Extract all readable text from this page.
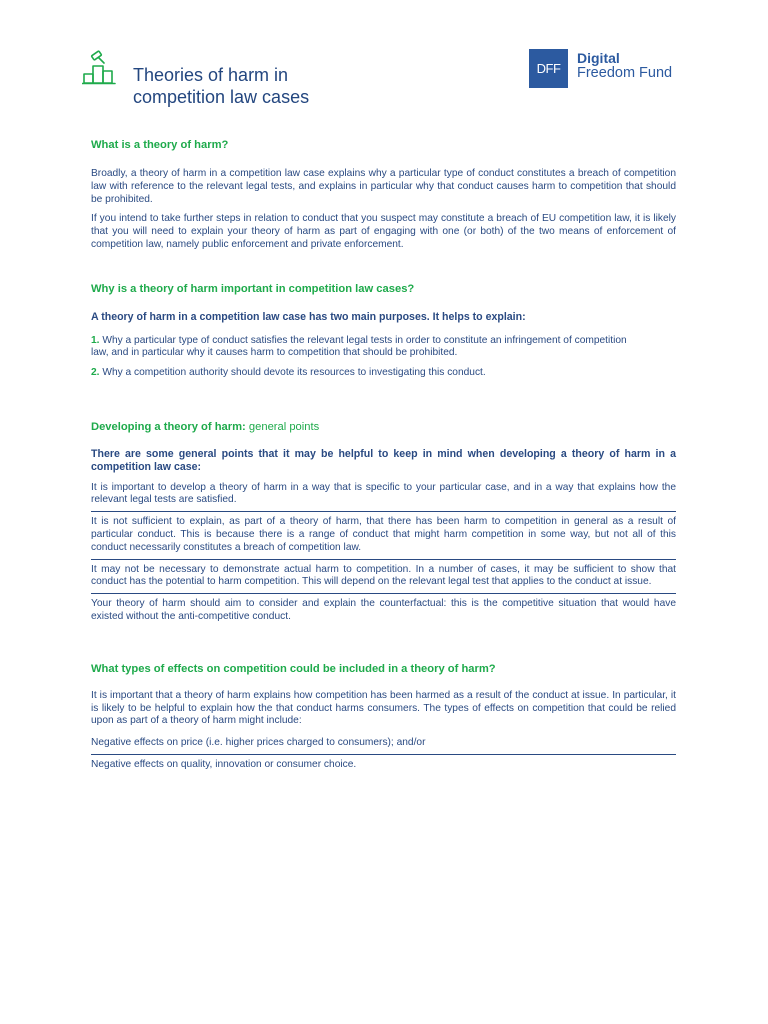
Theories of harm in
competition law cases
DFF
Digital
Freedom Fund
What is a theory of harm?

Broadly, a theory of harm in a competition law case explains why a particular type of conduct constitutes a breach of competition law with reference to the relevant legal tests, and explains in particular why that conduct causes harm to competition that should be prohibited.

If you intend to take further steps in relation to conduct that you suspect may constitute a breach of EU competition law, it is likely that you will need to explain your theory of harm as part of engaging with one (or both) of the two means of enforcement of competition law, namely public enforcement and private enforcement.

Why is a theory of harm important in competition law cases?

A theory of harm in a competition law case has two main purposes. It helps to explain:

1. Why a particular type of conduct satisfies the relevant legal tests in order to constitute an infringement of competition law, and in particular why it causes harm to competition that should be prohibited.
2. Why a competition authority should devote its resources to investigating this conduct.
Developing a theory of harm: general points

There are some general points that it may be helpful to keep in mind when developing a theory of harm in a competition law case:

It is important to develop a theory of harm in a way that is specific to your particular case, and in a way that explains how the relevant legal tests are satisfied.

It is not sufficient to explain, as part of a theory of harm, that there has been harm to competition in general as a result of particular conduct. This is because there is a range of conduct that might harm competition in some way, but not all of this conduct necessarily constitutes a breach of competition law.

It may not be necessary to demonstrate actual harm to competition. In a number of cases, it may be sufficient to show that conduct has the potential to harm competition. This will depend on the relevant legal test that applies to the conduct at issue.

Your theory of harm should aim to consider and explain the counterfactual: this is the competitive situation that would have existed without the anti-competitive conduct.

What types of effects on competition could be included in a theory of harm?

It is important that a theory of harm explains how competition has been harmed as a result of the conduct at issue. In particular, it is likely to be helpful to explain how the that conduct harms consumers. The types of effects on competition that could be relied upon as part of a theory of harm might include:

Negative effects on price (i.e. higher prices charged to consumers); and/or

Negative effects on quality, innovation or consumer choice.
